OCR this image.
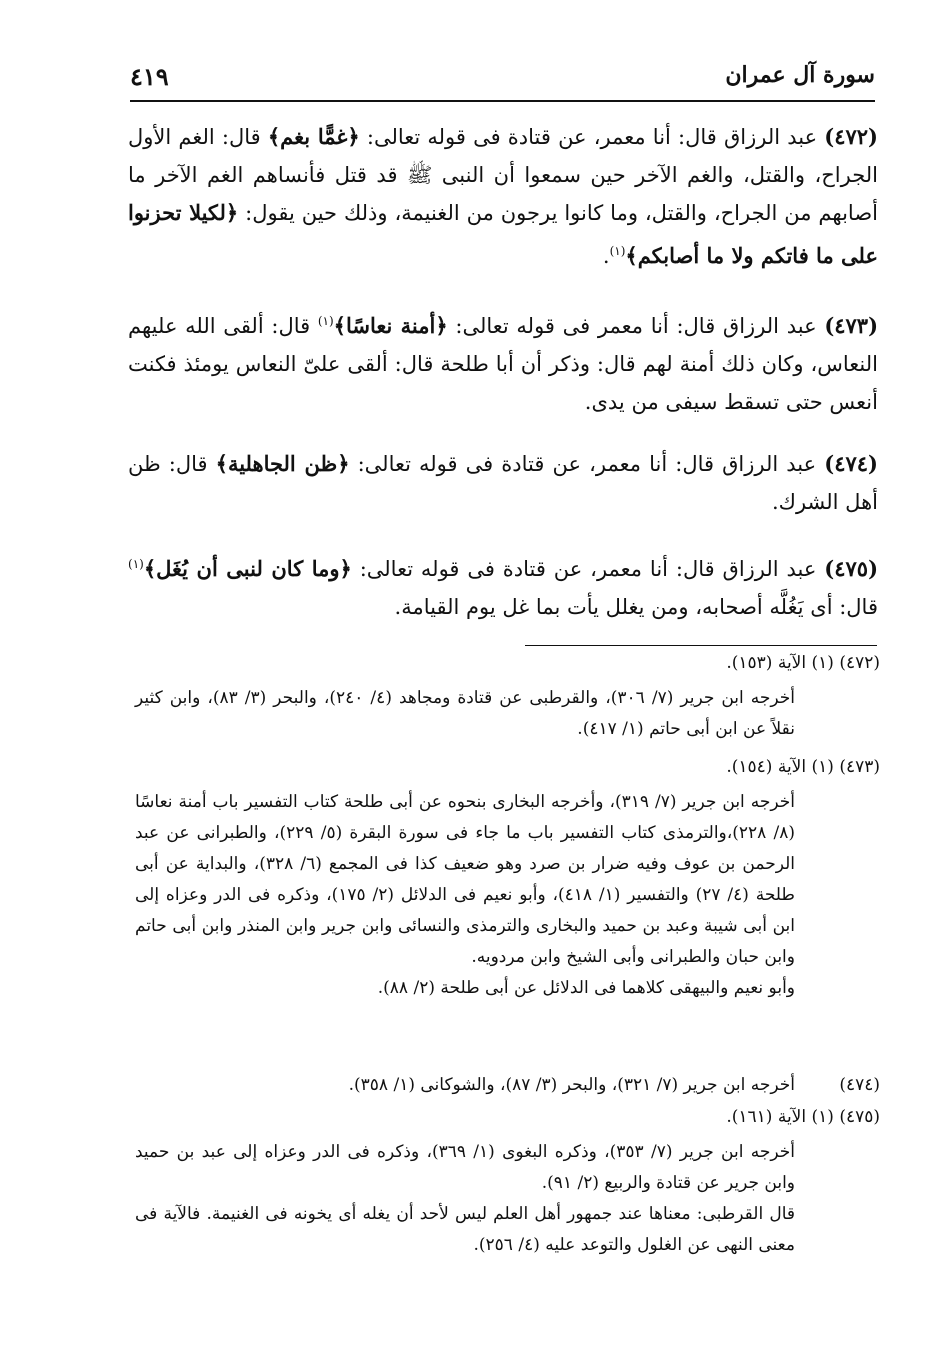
سورة آل عمران
٤١٩

(٤٧٢) عبد الرزاق قال: أنا معمر، عن قتادة فى قوله تعالى: ﴿غمًّا بغم﴾ قال: الغم الأول الجراح، والقتل، والغم الآخر حين سمعوا أن النبى ﷺ قد قتل فأنساهم الغم الآخر ما أصابهم من الجراح، والقتل، وما كانوا يرجون من الغنيمة، وذلك حين يقول: ﴿لكيلا تحزنوا على ما فاتكم ولا ما أصابكم﴾$^{(١)}$.

(٤٧٣) عبد الرزاق قال: أنا معمر فى قوله تعالى: ﴿أمنة نعاسًا﴾$^{(١)}$ قال: ألقى الله عليهم النعاس، وكان ذلك أمنة لهم قال: وذكر أن أبا طلحة قال: ألقى علىّ النعاس يومئذ فكنت أنعس حتى تسقط سيفى من يدى.

(٤٧٤) عبد الرزاق قال: أنا معمر، عن قتادة فى قوله تعالى: ﴿ظن الجاهلية﴾ قال: ظن أهل الشرك.

(٤٧٥) عبد الرزاق قال: أنا معمر، عن قتادة فى قوله تعالى: ﴿وما كان لنبى أن يُغَل﴾$^{(١)}$ قال: أى يَغُلَّه أصحابه، ومن يغلل يأت بما غل يوم القيامة.

(٤٧٢) (١) الآية (١٥٣).

أخرجه ابن جرير (٧/ ٣٠٦)، والقرطبى عن قتادة ومجاهد (٤/ ٢٤٠)، والبحر (٣/ ٨٣)، وابن كثير نقلاً عن ابن أبى حاتم (١/ ٤١٧).

(٤٧٣) (١) الآية (١٥٤).

أخرجه ابن جرير (٧/ ٣١٩)، وأخرجه البخارى بنحوه عن أبى طلحة كتاب التفسير باب أمنة نعاسًا (٨/ ٢٢٨)،والترمذى كتاب التفسير باب ما جاء فى سورة البقرة (٥/ ٢٢٩)، والطبرانى عن عبد الرحمن بن عوف وفيه ضرار بن صرد وهو ضعيف كذا فى المجمع (٦/ ٣٢٨)، والبداية عن أبى طلحة (٤/ ٢٧) والتفسير (١/ ٤١٨)، وأبو نعيم فى الدلائل (٢/ ١٧٥)، وذكره فى الدر وعزاه إلى ابن أبى شيبة وعبد بن حميد والبخارى والترمذى والنسائى وابن جرير وابن المنذر وابن أبى حاتم وابن حبان والطبرانى وأبى الشيخ وابن مردويه.

وأبو نعيم والبيهقى كلاهما فى الدلائل عن أبى طلحة (٢/ ٨٨).

(٤٧٤)

أخرجه ابن جرير (٧/ ٣٢١)، والبحر (٣/ ٨٧)، والشوكانى (١/ ٣٥٨).

(٤٧٥) (١) الآية (١٦١).

أخرجه ابن جرير (٧/ ٣٥٣)، وذكره البغوى (١/ ٣٦٩)، وذكره فى الدر وعزاه إلى عبد بن حميد وابن جرير عن قتادة والربيع (٢/ ٩١).

قال القرطبى: معناها عند جمهور أهل العلم ليس لأحد أن يغله أى يخونه فى الغنيمة. فالآية فى معنى النهى عن الغلول والتوعد عليه (٤/ ٢٥٦).
